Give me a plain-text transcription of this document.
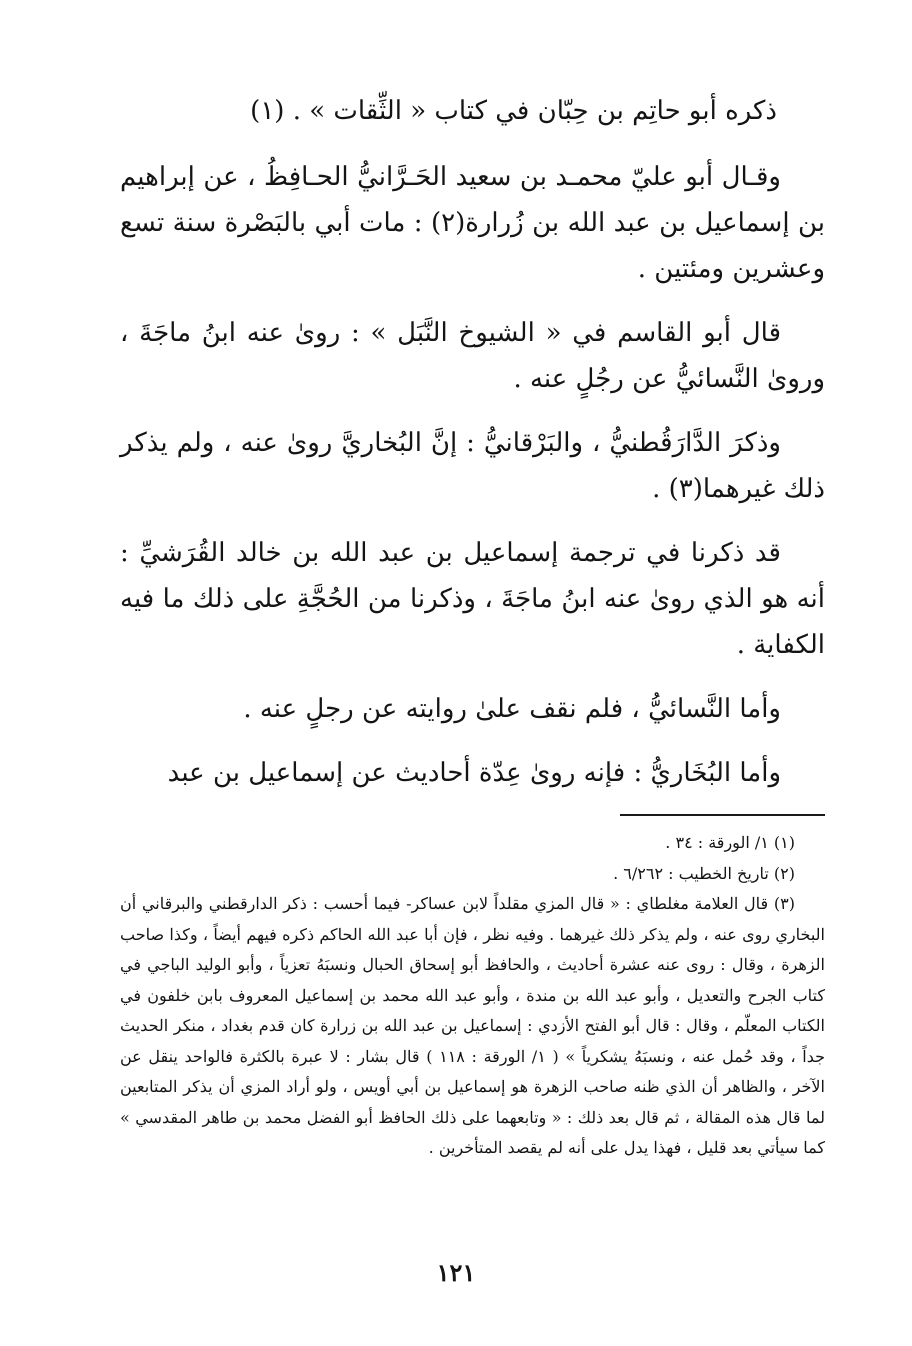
ذكره أبو حاتِم بن حِبّان في كتاب « الثِّقات » . (١)

وقـال أبو عليّ محمـد بن سعيد الحَـرَّانيُّ الحـافِظُ ، عن إبراهيم بن إسماعيل بن عبد الله بن زُرارة(٢) : مات أبي بالبَصْرة سنة تسع وعشرين ومئتين .

قال أبو القاسم في « الشيوخ النَّبَل » : روىٰ عنه ابنُ ماجَةَ ، وروىٰ النَّسائيُّ عن رجُلٍ عنه .

وذكرَ الدَّارَقُطنيُّ ، والبَرْقانيُّ : إنَّ البُخاريَّ روىٰ عنه ، ولم يذكر ذلك غيرهما(٣) .

قد ذكرنا في ترجمة إسماعيل بن عبد الله بن خالد القُرَشيِّ : أنه هو الذي روىٰ عنه ابنُ ماجَةَ ، وذكرنا من الحُجَّةِ على ذلك ما فيه الكفاية .

وأما النَّسائيُّ ، فلم نقف علىٰ روايته عن رجلٍ عنه .

وأما البُخَاريُّ : فإنه روىٰ عِدّة أحاديث عن إسماعيل بن عبد

(١) ١/ الورقة : ٣٤ .

(٢) تاريخ الخطيب : ٦/٢٦٢ .

(٣) قال العلامة مغلطاي : « قال المزي مقلداً لابن عساكر- فيما أحسب : ذكر الدارقطني والبرقاني أن البخاري روى عنه ، ولم يذكر ذلك غيرهما . وفيه نظر ، فإن أبا عبد الله الحاكم ذكره فيهم أيضاً ، وكذا صاحب الزهرة ، وقال : روى عنه عشرة أحاديث ، والحافظ أبو إسحاق الحبال ونسبَهُ تعزياً ، وأبو الوليد الباجي في كتاب الجرح والتعديل ، وأبو عبد الله بن مندة ، وأبو عبد الله محمد بن إسماعيل المعروف بابن خلفون في الكتاب المعلّم ، وقال : قال أبو الفتح الأزدي : إسماعيل بن عبد الله بن زرارة كان قدم بغداد ، منكر الحديث جداً ، وقد حُمل عنه ، ونسبَهُ يشكرياً » ( ١/ الورقة : ١١٨ ) قال بشار : لا عبرة بالكثرة فالواحد ينقل عن الآخر ، والظاهر أن الذي ظنه صاحب الزهرة هو إسماعيل بن أبي أويس ، ولو أراد المزي أن يذكر المتابعين لما قال هذه المقالة ، ثم قال بعد ذلك : « وتابعهما على ذلك الحافظ أبو الفضل محمد بن طاهر المقدسي » كما سيأتي بعد قليل ، فهذا يدل على أنه لم يقصد المتأخرين .

١٢١
